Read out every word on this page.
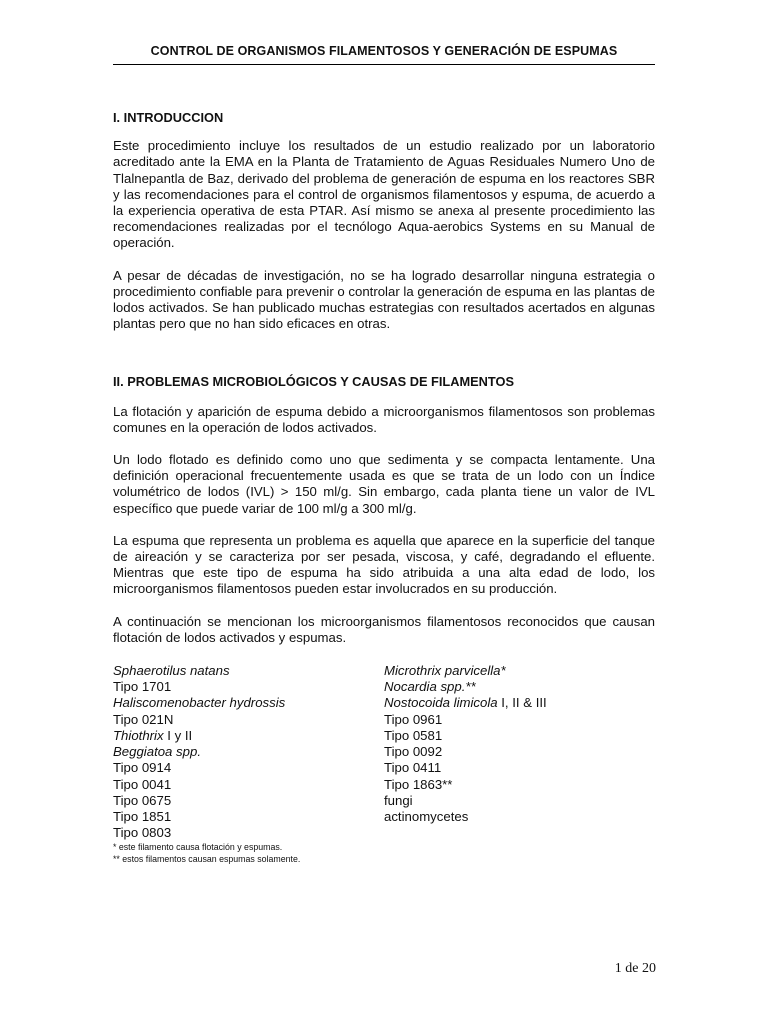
CONTROL DE ORGANISMOS FILAMENTOSOS Y GENERACIÓN DE ESPUMAS
I. INTRODUCCION

Este procedimiento incluye los resultados de un estudio realizado por un laboratorio acreditado ante la EMA en la Planta de Tratamiento de Aguas Residuales Numero Uno de Tlalnepantla de Baz, derivado del problema de generación de espuma en los reactores SBR y las recomendaciones para el control de organismos filamentosos y espuma, de acuerdo a la experiencia operativa de esta PTAR. Así mismo se anexa al presente procedimiento las recomendaciones realizadas por el tecnólogo Aqua-aerobics Systems en su Manual de operación.

A pesar de décadas de investigación, no se ha logrado desarrollar ninguna estrategia o procedimiento confiable para prevenir o controlar la generación de espuma en las plantas de lodos activados. Se han publicado muchas estrategias con resultados acertados en algunas plantas pero que no han sido eficaces en otras.

II. PROBLEMAS MICROBIOLÓGICOS Y CAUSAS DE FILAMENTOS

La flotación y aparición de espuma debido a microorganismos filamentosos son problemas comunes en la operación de lodos activados.

Un lodo flotado es definido como uno que sedimenta y se compacta lentamente. Una definición operacional frecuentemente usada es que se trata de un lodo con un Índice volumétrico de lodos (IVL) > 150 ml/g. Sin embargo, cada planta tiene un valor de IVL específico que puede variar de 100 ml/g a 300 ml/g.

La espuma que representa un problema es aquella que aparece en la superficie del tanque de aireación y se caracteriza por ser pesada, viscosa, y café, degradando el efluente. Mientras que este tipo de espuma ha sido atribuida a una alta edad de lodo, los microorganismos filamentosos pueden estar involucrados en su producción.

A continuación se mencionan los microorganismos filamentosos reconocidos que causan flotación de lodos activados y espumas.

Sphaerotilus natans
Tipo 1701
Haliscomenobacter hydrossis
Tipo 021N
Thiothrix I y II
Beggiatoa spp.
Tipo 0914
Tipo 0041
Tipo 0675
Tipo 1851
Tipo 0803
Microthrix parvicella*
Nocardia spp.**
Nostocoida limicola I, II & III
Tipo 0961
Tipo 0581
Tipo 0092
Tipo 0411
Tipo 1863**
fungi
actinomycetes
* este filamento causa flotación y espumas.
** estos filamentos causan espumas solamente.
1 de 20
